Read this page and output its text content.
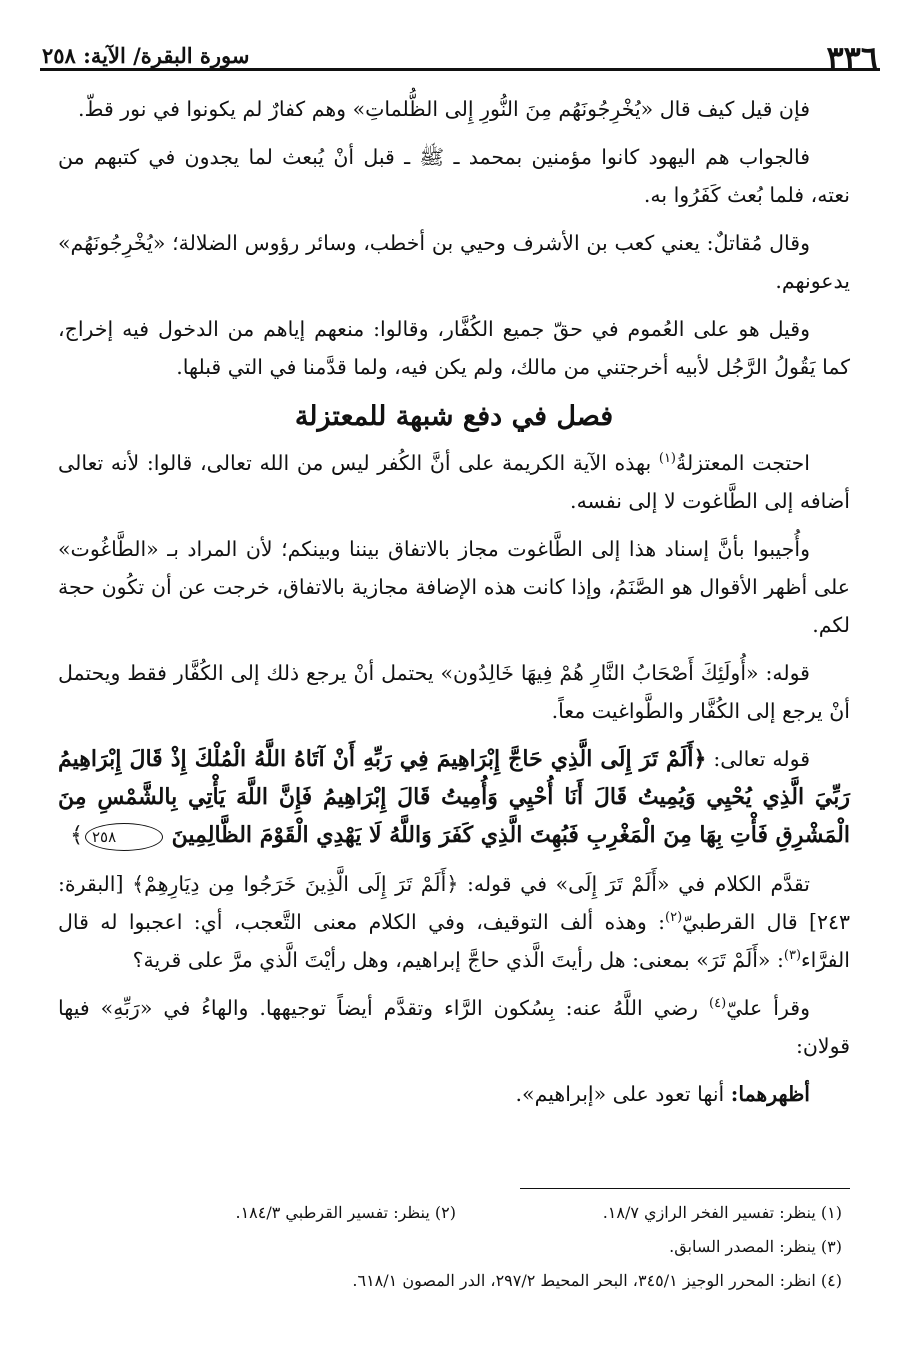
٣٣٦
سورة البقرة/ الآية: ٢٥٨

فإن قيل كيف قال «يُخْرِجُونَهُم مِنَ النُّورِ إِلى الظُّلماتِ» وهم كفارٌ لم يكونوا في نور قطّ.

فالجواب هم اليهود كانوا مؤمنين بمحمد ـ ﷺ ـ قبل أنْ يُبعث لما يجدون في كتبهم من نعته، فلما بُعث كَفَرُوا به.

وقال مُقاتلٌ: يعني كعب بن الأشرف وحيي بن أخطب، وسائر رؤوس الضلالة؛ «يُخْرِجُونَهُم» يدعونهم.

وقيل هو على العُموم في حقّ جميع الكُفَّار، وقالوا: منعهم إياهم من الدخول فيه إخراج، كما يَقُولُ الرَّجُل لأبيه أخرجتني من مالك، ولم يكن فيه، ولما قدَّمنا في التي قبلها.

فصل في دفع شبهة للمعتزلة

احتجت المعتزلةُ$^{(١)}$ بهذه الآية الكريمة على أنَّ الكُفر ليس من الله تعالى، قالوا: لأنه تعالى أضافه إلى الطَّاغوت لا إلى نفسه.

وأُجيبوا بأنَّ إسناد هذا إلى الطَّاغوت مجاز بالاتفاق بيننا وبينكم؛ لأن المراد بـ «الطَّاغُوت» على أظهر الأقوال هو الصَّنَمُ، وإذا كانت هذه الإضافة مجازية بالاتفاق، خرجت عن أن تكُون حجة لكم.

قوله: «أُولَئِكَ أَصْحَابُ النَّارِ هُمْ فِيهَا خَالِدُون» يحتمل أنْ يرجع ذلك إلى الكُفَّار فقط ويحتمل أنْ يرجع إلى الكُفَّار والطَّواغيت معاً.

قوله تعالى: ﴿أَلَمْ تَرَ إِلَى الَّذِي حَاجَّ إِبْرَاهِيمَ فِي رَبِّهِ أَنْ آتَاهُ اللَّهُ الْمُلْكَ إِذْ قَالَ إِبْرَاهِيمُ رَبِّيَ الَّذِي يُحْيِي وَيُمِيتُ قَالَ أَنَا أُحْيِي وَأُمِيتُ قَالَ إِبْرَاهِيمُ فَإِنَّ اللَّهَ يَأْتِي بِالشَّمْسِ مِنَ الْمَشْرِقِ فَأْتِ بِهَا مِنَ الْمَغْرِبِ فَبُهِتَ الَّذِي كَفَرَ وَاللَّهُ لَا يَهْدِي الْقَوْمَ الظَّالِمِينَ ٢٥٨﴾

تقدَّم الكلام في «أَلَمْ تَرَ إِلَى» في قوله: ﴿أَلَمْ تَرَ إِلَى الَّذِينَ خَرَجُوا مِن دِيَارِهِمْ﴾ [البقرة: ٢٤٣] قال القرطبيّ$^{(٢)}$: وهذه ألف التوقيف، وفي الكلام معنى التَّعجب، أي: اعجبوا له قال الفرَّاء$^{(٣)}$: «أَلَمْ تَرَ» بمعنى: هل رأيتَ الَّذي حاجَّ إبراهيم، وهل رأيْتَ الَّذي مرَّ على قرية؟

وقرأ عليّ$^{(٤)}$ رضي اللَّهُ عنه: بِسُكون الرَّاء وتقدَّم أيضاً توجيهها. والهاءُ في «رَبِّهِ» فيها قولان:

أظهرهما: أنها تعود على «إبراهيم».

(١) ينظر: تفسير الفخر الرازي ١٨/٧.
(٢) ينظر: تفسير القرطبي ١٨٤/٣.
(٣) ينظر: المصدر السابق.
(٤) انظر: المحرر الوجيز ٣٤٥/١، البحر المحيط ٢٩٧/٢، الدر المصون ٦١٨/١.
